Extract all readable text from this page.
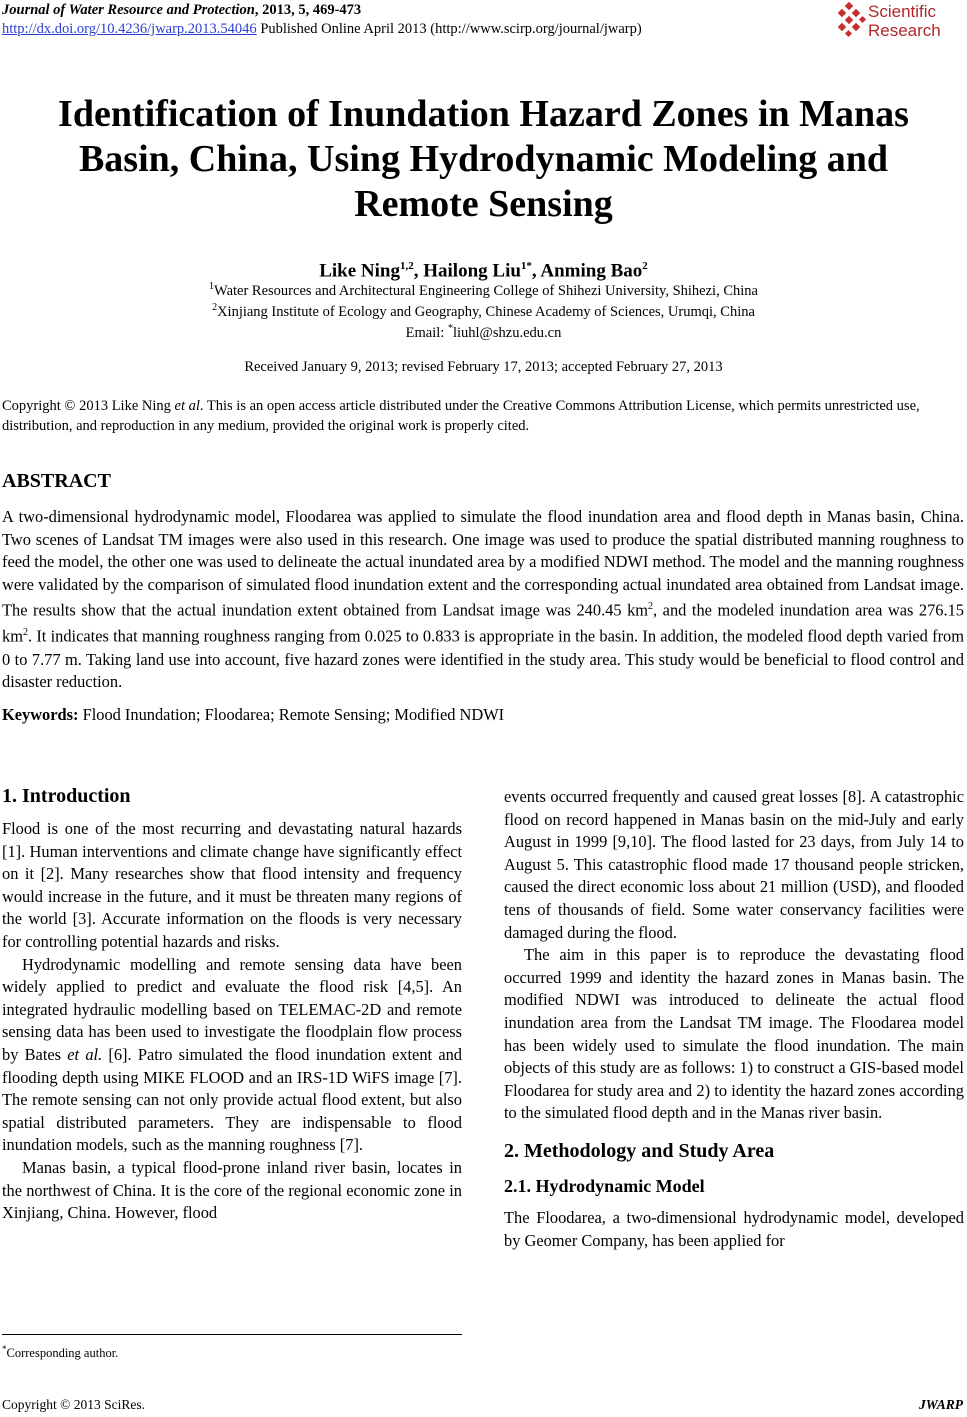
Journal of Water Resource and Protection, 2013, 5, 469-473
http://dx.doi.org/10.4236/jwarp.2013.54046 Published Online April 2013 (http://www.scirp.org/journal/jwarp)
Scientific
Research
Identification of Inundation Hazard Zones in Manas
Basin, China, Using Hydrodynamic Modeling and
Remote Sensing
Like Ning$^{1,2}$, Hailong Liu$^{1*}$, Anming Bao$^2$
$^1$Water Resources and Architectural Engineering College of Shihezi University, Shihezi, China
$^2$Xinjiang Institute of Ecology and Geography, Chinese Academy of Sciences, Urumqi, China
Email: *liuhl@shzu.edu.cn
Received January 9, 2013; revised February 17, 2013; accepted February 27, 2013
Copyright © 2013 Like Ning et al. This is an open access article distributed under the Creative Commons Attribution License, which permits unrestricted use, distribution, and reproduction in any medium, provided the original work is properly cited.
ABSTRACT
A two-dimensional hydrodynamic model, Floodarea was applied to simulate the flood inundation area and flood depth in Manas basin, China. Two scenes of Landsat TM images were also used in this research. One image was used to produce the spatial distributed manning roughness to feed the model, the other one was used to delineate the actual inundated area by a modified NDWI method. The model and the manning roughness were validated by the comparison of simulated flood inundation extent and the corresponding actual inundated area obtained from Landsat image. The results show that the actual inundation extent obtained from Landsat image was 240.45 $km^2$, and the modeled inundation area was 276.15 $km^2$. It indicates that manning roughness ranging from 0.025 to 0.833 is appropriate in the basin. In addition, the modeled flood depth varied from 0 to 7.77 m. Taking land use into account, five hazard zones were identified in the study area. This study would be beneficial to flood control and disaster reduction.
Keywords: Flood Inundation; Floodarea; Remote Sensing; Modified NDWI
1. Introduction

Flood is one of the most recurring and devastating natural hazards [1]. Human interventions and climate change have significantly effect on it [2]. Many researches show that flood intensity and frequency would increase in the future, and it must be threaten many regions of the world [3]. Accurate information on the floods is very necessary for controlling potential hazards and risks.

Hydrodynamic modelling and remote sensing data have been widely applied to predict and evaluate the flood risk [4,5]. An integrated hydraulic modelling based on TELEMAC-2D and remote sensing data has been used to investigate the floodplain flow process by Bates et al. [6]. Patro simulated the flood inundation extent and flooding depth using MIKE FLOOD and an IRS-1D WiFS image [7]. The remote sensing can not only provide actual flood extent, but also spatial distributed parameters. They are indispensable to flood inundation models, such as the manning roughness [7].

Manas basin, a typical flood-prone inland river basin, locates in the northwest of China. It is the core of the regional economic zone in Xinjiang, China. However, flood

events occurred frequently and caused great losses [8]. A catastrophic flood on record happened in Manas basin on the mid-July and early August in 1999 [9,10]. The flood lasted for 23 days, from July 14 to August 5. This catastrophic flood made 17 thousand people stricken, caused the direct economic loss about 21 million (USD), and flooded tens of thousands of field. Some water conservancy facilities were damaged during the flood.

The aim in this paper is to reproduce the devastating flood occurred 1999 and identity the hazard zones in Manas basin. The modified NDWI was introduced to delineate the actual flood inundation area from the Landsat TM image. The Floodarea model has been widely used to simulate the flood inundation. The main objects of this study are as follows: 1) to construct a GIS-based model Floodarea for study area and 2) to identity the hazard zones according to the simulated flood depth and in the Manas river basin.

2. Methodology and Study Area
2.1. Hydrodynamic Model

The Floodarea, a two-dimensional hydrodynamic model, developed by Geomer Company, has been applied for

*Corresponding author.
Copyright © 2013 SciRes.	JWARP
